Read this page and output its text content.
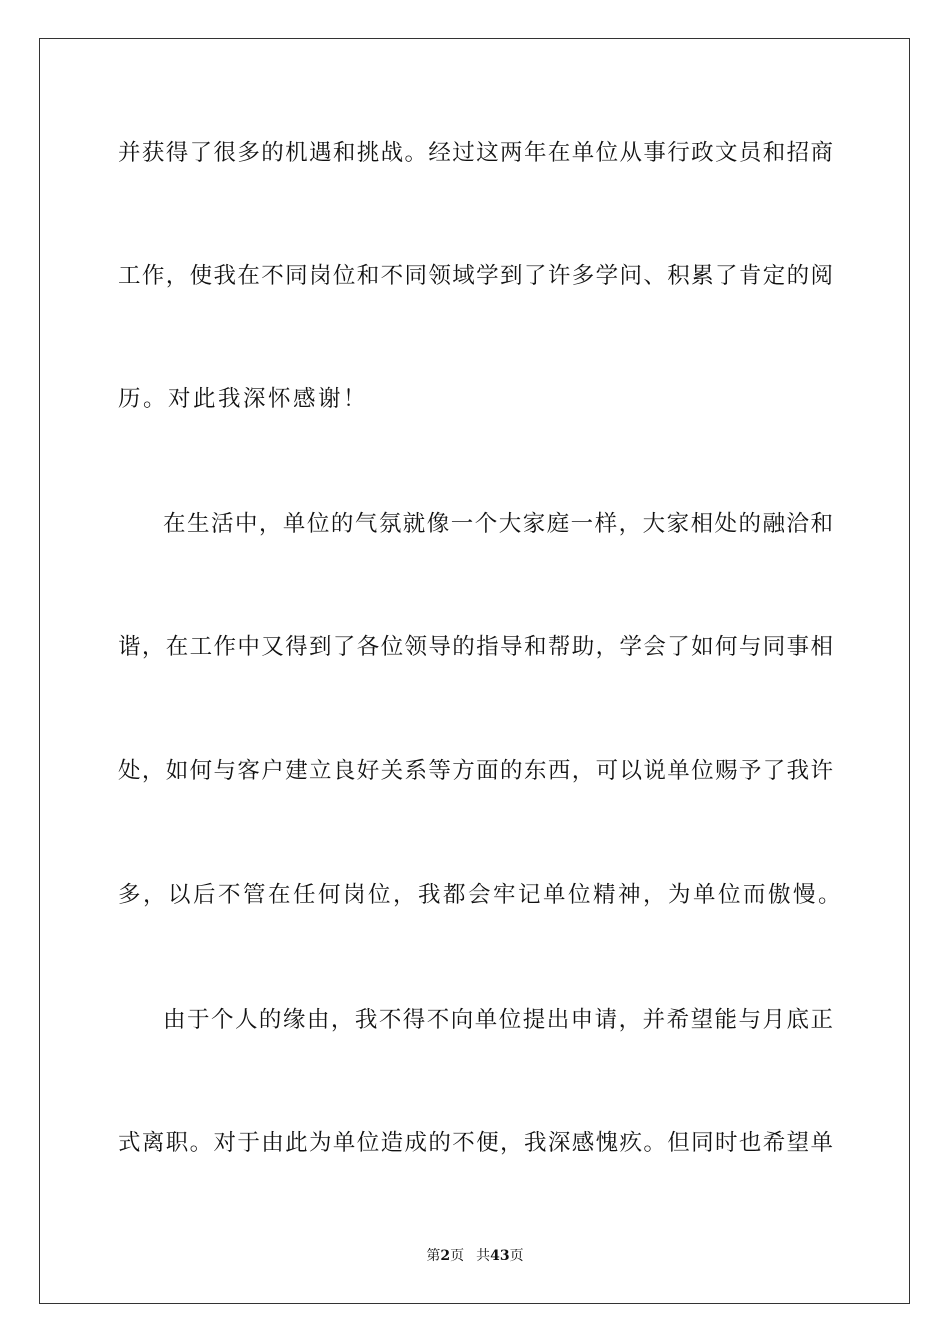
并获得了很多的机遇和挑战。经过这两年在单位从事行政文员和招商
工作，使我在不同岗位和不同领域学到了许多学问、积累了肯定的阅
历。对此我深怀感谢！
在生活中，单位的气氛就像一个大家庭一样，大家相处的融洽和
谐，在工作中又得到了各位领导的指导和帮助，学会了如何与同事相
处，如何与客户建立良好关系等方面的东西，可以说单位赐予了我许
多，以后不管在任何岗位，我都会牢记单位精神，为单位而傲慢。
由于个人的缘由，我不得不向单位提出申请，并希望能与月底正
式离职。对于由此为单位造成的不便，我深感愧疚。但同时也希望单
第2页 共43页
